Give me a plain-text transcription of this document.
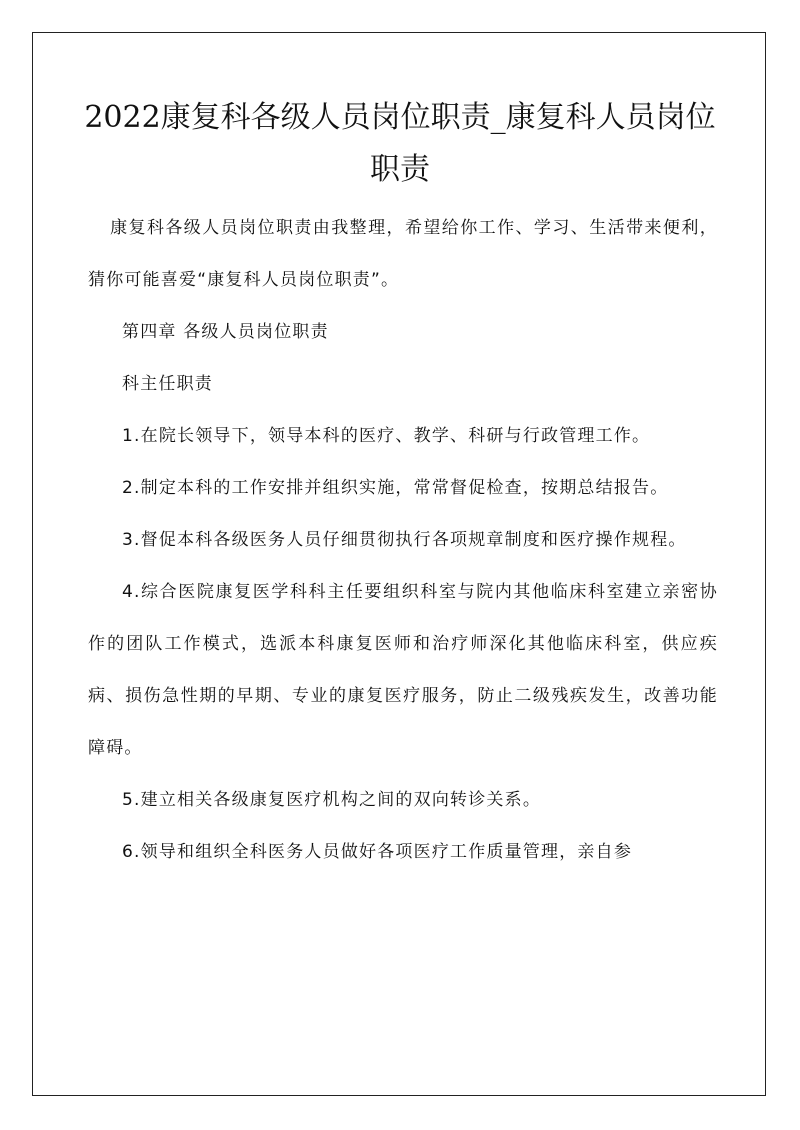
2022康复科各级人员岗位职责_康复科人员岗位职责

康复科各级人员岗位职责由我整理，希望给你工作、学习、生活带来便利，猜你可能喜爱“康复科人员岗位职责”。

第四章 各级人员岗位职责

科主任职责

1.在院长领导下，领导本科的医疗、教学、科研与行政管理工作。

2.制定本科的工作安排并组织实施，常常督促检查，按期总结报告。

3.督促本科各级医务人员仔细贯彻执行各项规章制度和医疗操作规程。

4.综合医院康复医学科科主任要组织科室与院内其他临床科室建立亲密协作的团队工作模式，选派本科康复医师和治疗师深化其他临床科室，供应疾病、损伤急性期的早期、专业的康复医疗服务，防止二级残疾发生，改善功能障碍。

5.建立相关各级康复医疗机构之间的双向转诊关系。

6.领导和组织全科医务人员做好各项医疗工作质量管理，亲自参
